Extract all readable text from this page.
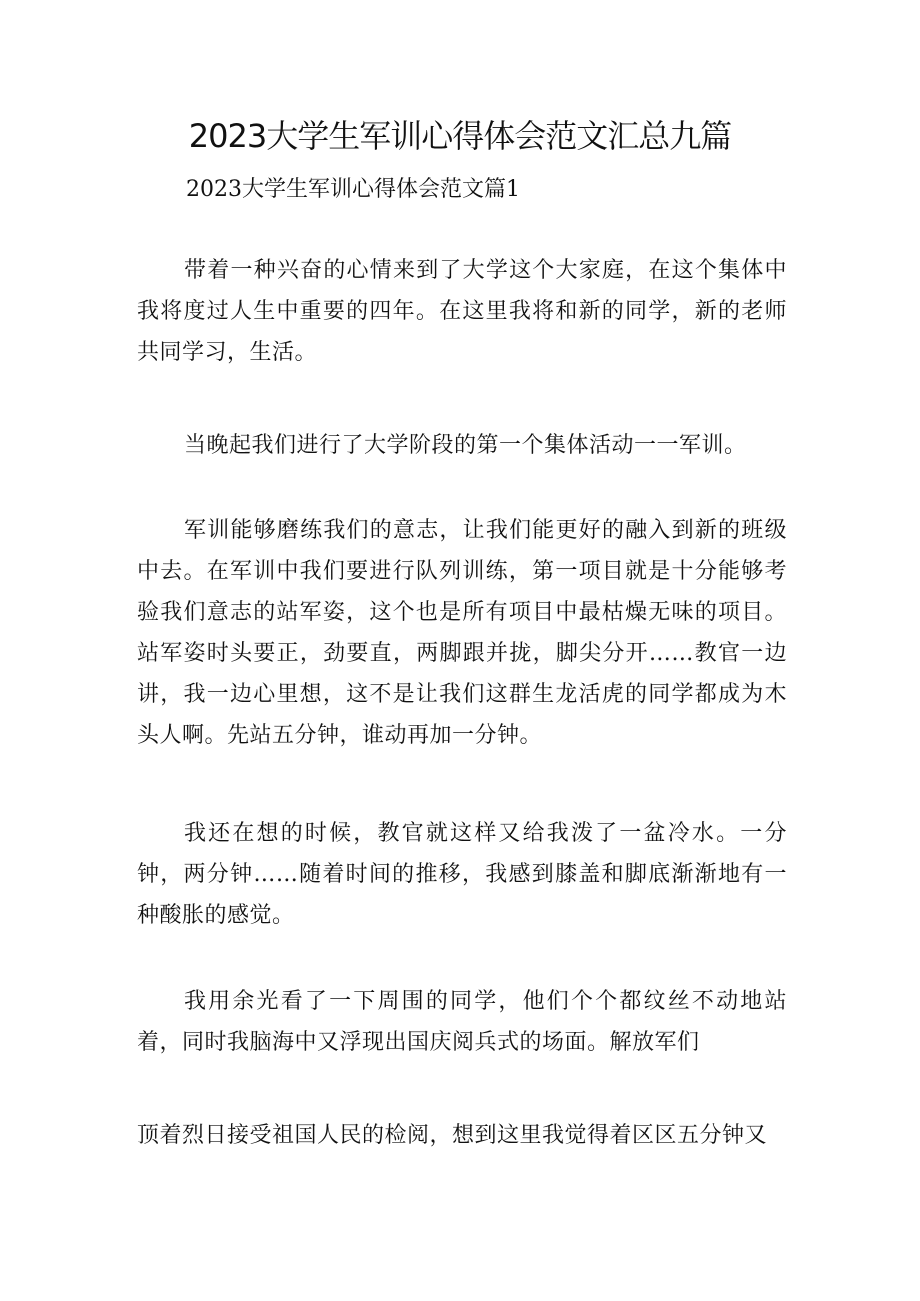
2023大学生军训心得体会范文汇总九篇
2023大学生军训心得体会范文篇1

带着一种兴奋的心情来到了大学这个大家庭，在这个集体中我将度过人生中重要的四年。在这里我将和新的同学，新的老师共同学习，生活。

当晚起我们进行了大学阶段的第一个集体活动一一军训。

军训能够磨练我们的意志，让我们能更好的融入到新的班级中去。在军训中我们要进行队列训练，第一项目就是十分能够考验我们意志的站军姿，这个也是所有项目中最枯燥无味的项目。站军姿时头要正，劲要直，两脚跟并拢，脚尖分开……教官一边讲，我一边心里想，这不是让我们这群生龙活虎的同学都成为木头人啊。先站五分钟，谁动再加一分钟。

我还在想的时候，教官就这样又给我泼了一盆冷水。一分钟，两分钟……随着时间的推移，我感到膝盖和脚底渐渐地有一种酸胀的感觉。

我用余光看了一下周围的同学，他们个个都纹丝不动地站着，同时我脑海中又浮现出国庆阅兵式的场面。解放军们

顶着烈日接受祖国人民的检阅，想到这里我觉得着区区五分钟又
